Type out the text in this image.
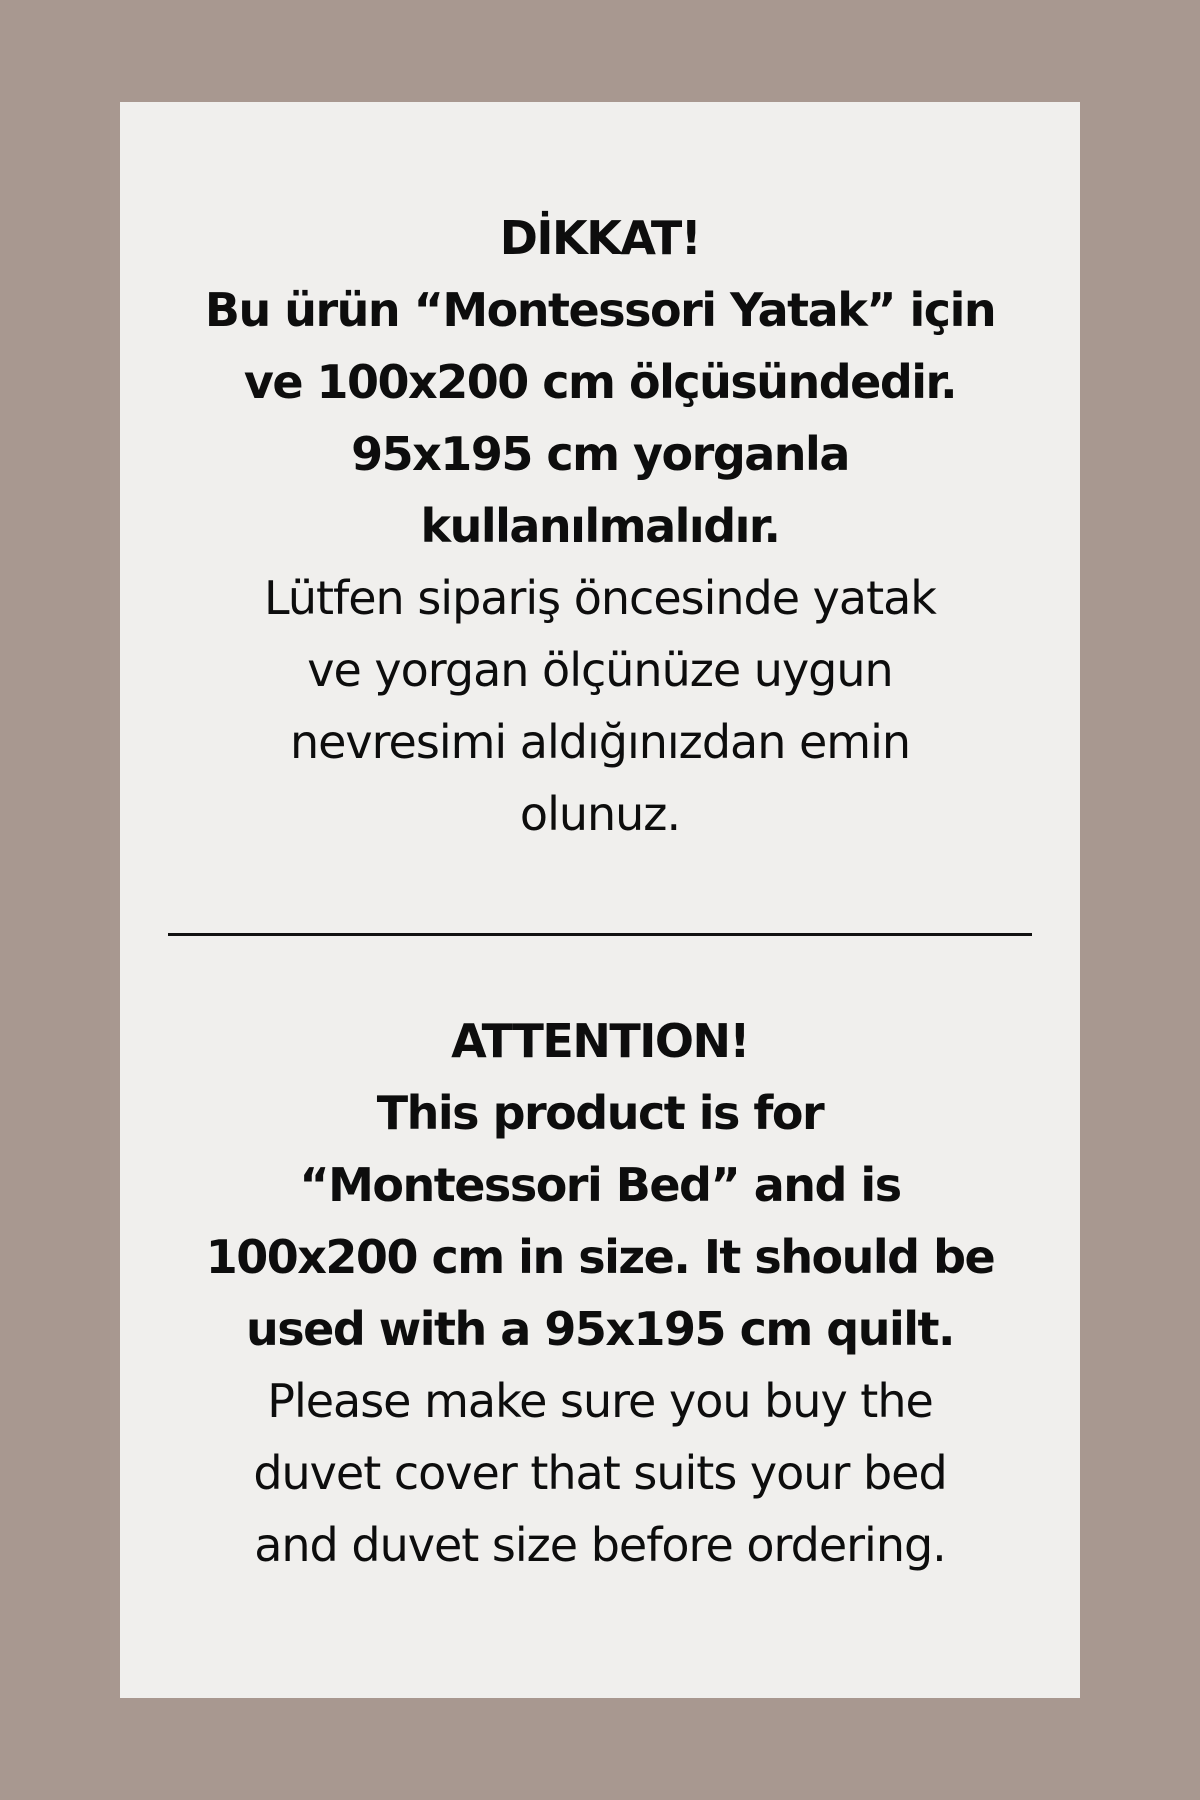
DİKKAT!
Bu ürün “Montessori Yatak” için
ve 100x200 cm ölçüsündedir.
95x195 cm yorganla
kullanılmalıdır.
Lütfen sipariş öncesinde yatak
ve yorgan ölçünüze uygun
nevresimi aldığınızdan emin
olunuz.
ATTENTION!
This product is for
“Montessori Bed” and is
100x200 cm in size. It should be
used with a 95x195 cm quilt.
Please make sure you buy the
duvet cover that suits your bed
and duvet size before ordering.
